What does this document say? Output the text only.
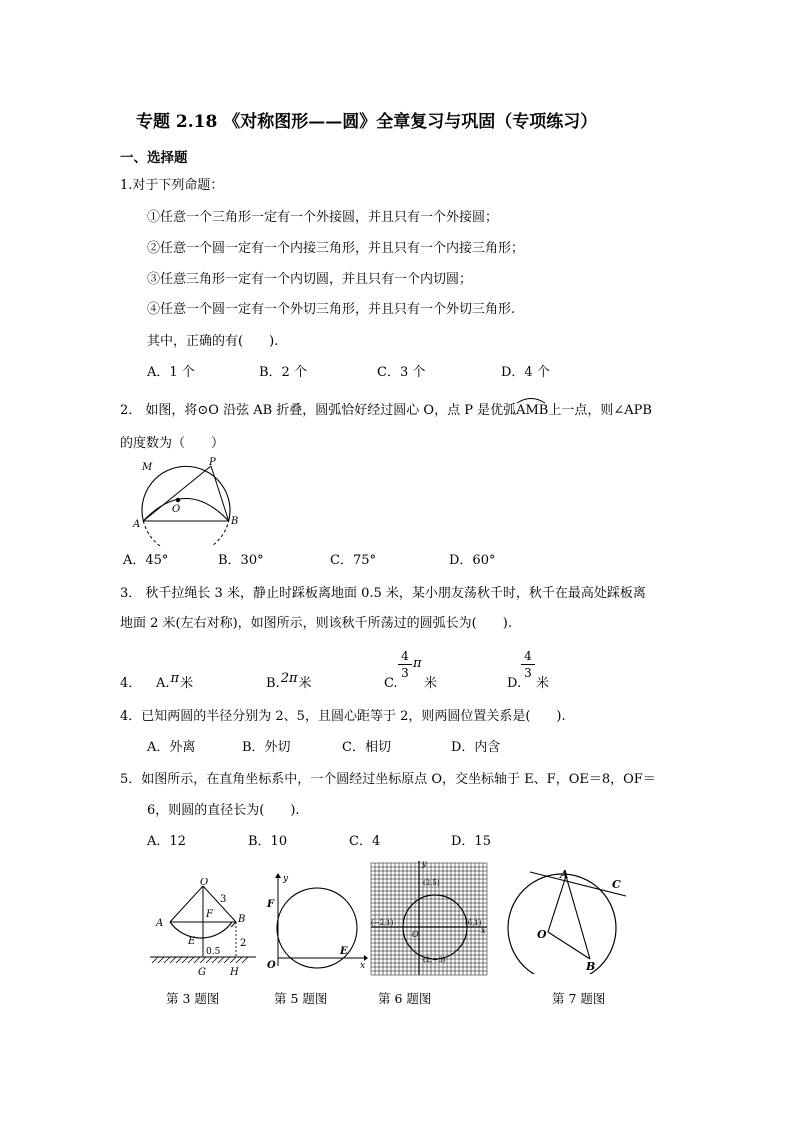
专题 2.18 《对称图形——圆》全章复习与巩固（专项练习）
一、选择题
1.对于下列命题：
①任意一个三角形一定有一个外接圆，并且只有一个外接圆；
②任意一个圆一定有一个内接三角形，并且只有一个内接三角形；
③任意三角形一定有一个内切圆，并且只有一个内切圆；
④任意一个圆一定有一个外切三角形，并且只有一个外切三角形.
其中，正确的有(　　).
A．1 个	B．2 个	C．3 个	D．4 个
2． 如图，将⊙O 沿弦 AB 折叠，圆弧恰好经过圆心 O，点 P 是优弧
AMB上一点，则∠APB
的度数为（　　）
M	P
O
A	B
A．45°	B．30°	C．75°	D．60°
3． 秋千拉绳长 3 米，静止时踩板离地面 0.5 米，某小朋友荡秋千时，秋千在最高处踩板离
地面 2 米(左右对称)，如图所示，则该秋千所荡过的圆弧长为(　　).
4． A.π米	B.2π米	C.
4
3
π
米	D.
4
3
米
4．已知两圆的半径分别为 2、5，且圆心距等于 2，则两圆位置关系是(　　).
A．外离	B．外切	C．相切	D．内含
5．如图所示，在直角坐标系中，一个圆经过坐标原点 O，交坐标轴于 E、F，OE＝8，OF＝
6，则圆的直径长为(　　).
A．12	B．10	C．4	D．15
O
3
A
F	B
E	2
0.5
G H
第 3 题图
y
F
O
E
x
第 5 题图
y
x
O
(2,5)
(−2,1)	(6,1)
(2,−3)
第 6 题图
A
C
O
B
第 7 题图
